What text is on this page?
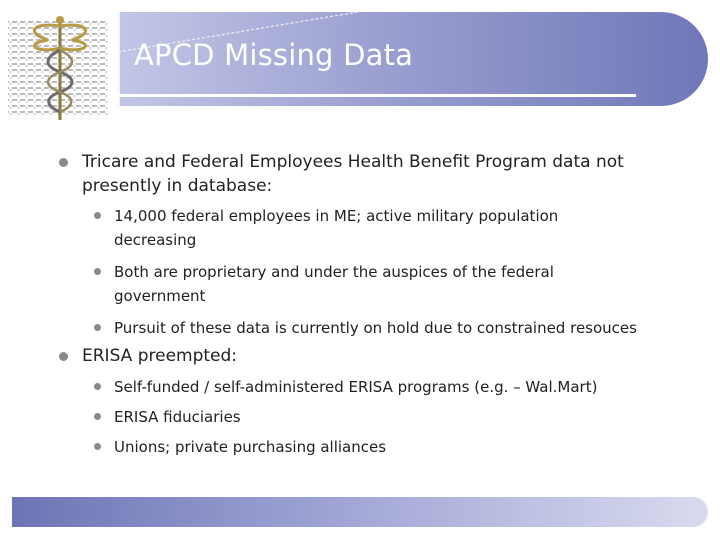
APCD Missing Data
Tricare and Federal Employees Health Benefit Program data not presently in database:
14,000 federal employees in ME; active military population decreasing
Both are proprietary and under the auspices of the federal government
Pursuit of these data is currently on hold due to constrained resouces
ERISA preempted:
Self-funded / self-administered ERISA programs (e.g. – Wal.Mart)
ERISA fiduciaries
Unions; private purchasing alliances
